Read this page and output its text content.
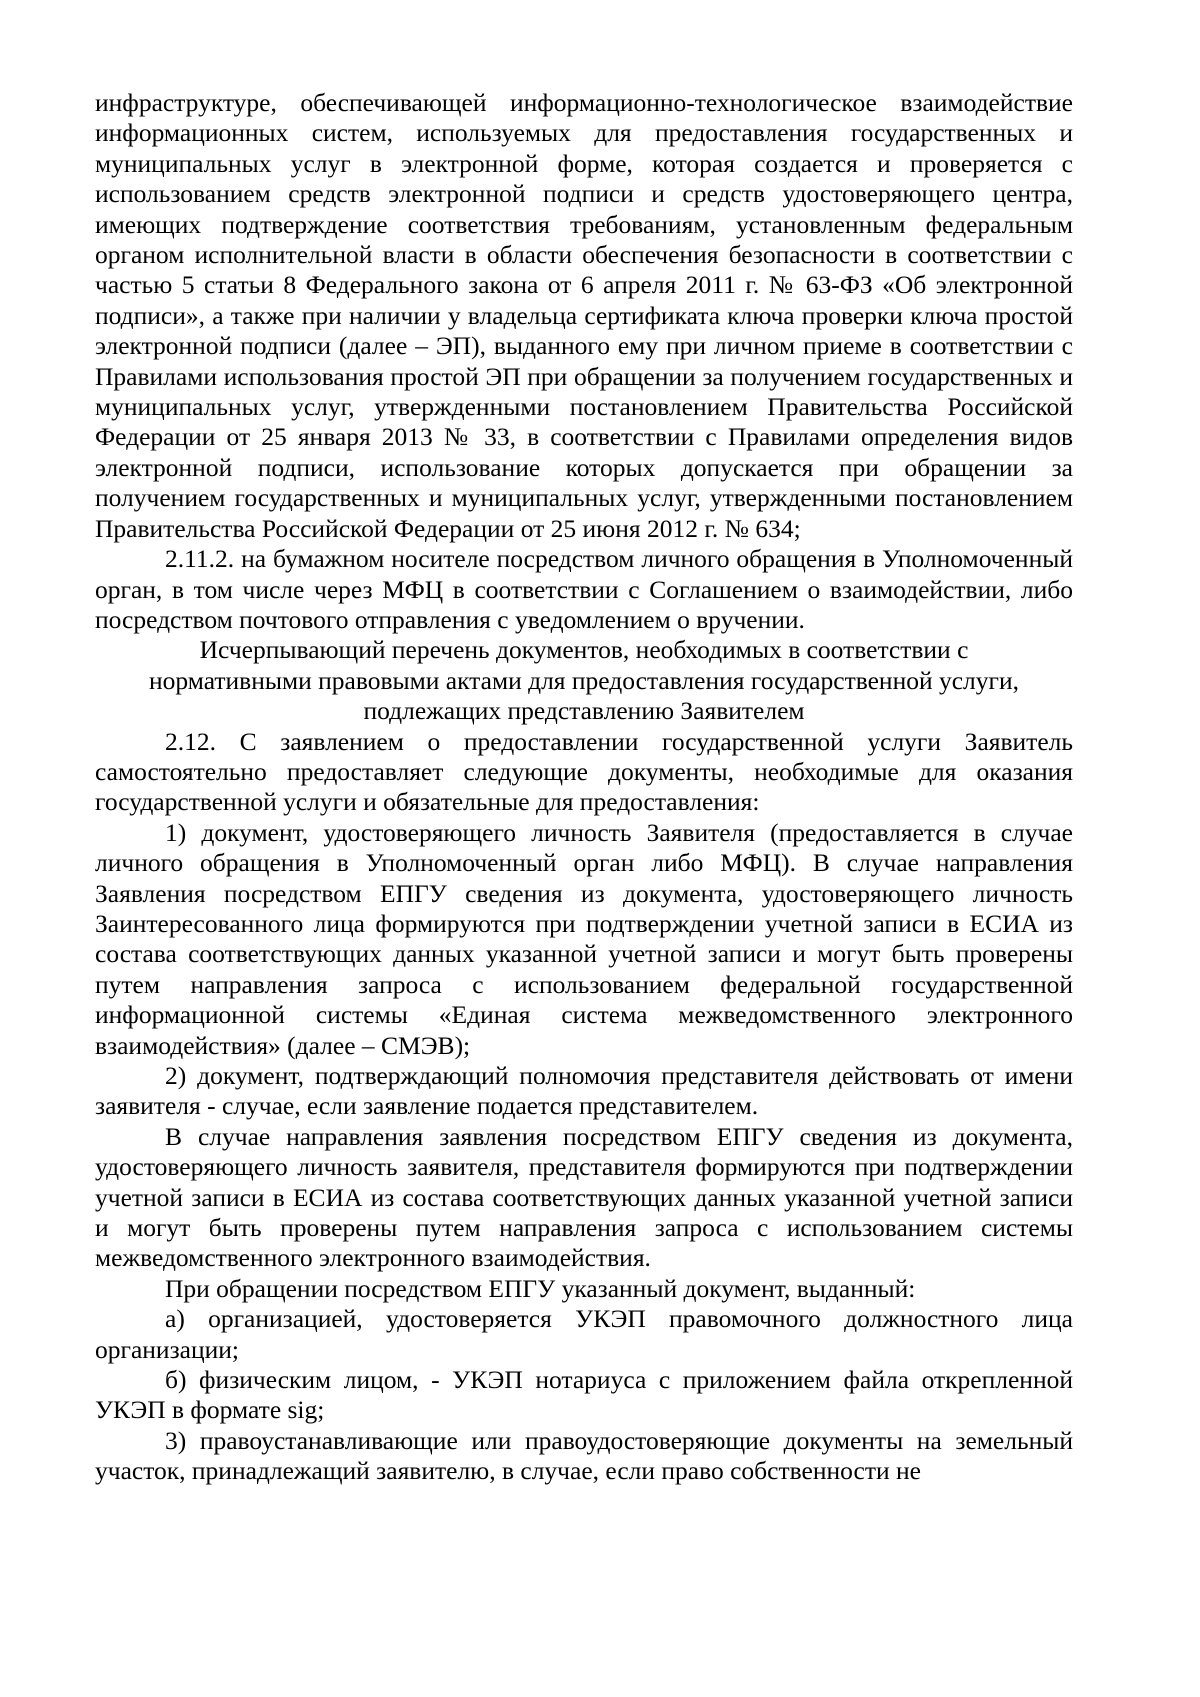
инфраструктуре, обеспечивающей информационно-технологическое взаимодействие информационных систем, используемых для предоставления государственных и муниципальных услуг в электронной форме, которая создается и проверяется с использованием средств электронной подписи и средств удостоверяющего центра, имеющих подтверждение соответствия требованиям, установленным федеральным органом исполнительной власти в области обеспечения безопасности в соответствии с частью 5 статьи 8 Федерального закона от 6 апреля 2011 г. № 63-ФЗ «Об электронной подписи», а также при наличии у владельца сертификата ключа проверки ключа простой электронной подписи (далее – ЭП), выданного ему при личном приеме в соответствии с Правилами использования простой ЭП при обращении за получением государственных и муниципальных услуг, утвержденными постановлением Правительства Российской Федерации от 25 января 2013 № 33, в соответствии с Правилами определения видов электронной подписи, использование которых допускается при обращении за получением государственных и муниципальных услуг, утвержденными постановлением Правительства Российской Федерации от 25 июня 2012 г. № 634;

2.11.2. на бумажном носителе посредством личного обращения в Уполномоченный орган, в том числе через МФЦ в соответствии с Соглашением о взаимодействии, либо посредством почтового отправления с уведомлением о вручении.

Исчерпывающий перечень документов, необходимых в соответствии с

нормативными правовыми актами для предоставления государственной услуги,

подлежащих представлению Заявителем

2.12. С заявлением о предоставлении государственной услуги Заявитель самостоятельно предоставляет следующие документы, необходимые для оказания государственной услуги и обязательные для предоставления:

1) документ, удостоверяющего личность Заявителя (предоставляется в случае личного обращения в Уполномоченный орган либо МФЦ). В случае направления Заявления посредством ЕПГУ сведения из документа, удостоверяющего личность Заинтересованного лица формируются при подтверждении учетной записи в ЕСИА из состава соответствующих данных указанной учетной записи и могут быть проверены путем направления запроса с использованием федеральной государственной информационной системы «Единая система межведомственного электронного взаимодействия» (далее – СМЭВ);

2) документ, подтверждающий полномочия представителя действовать от имени заявителя - случае, если заявление подается представителем.

В случае направления заявления посредством ЕПГУ сведения из документа, удостоверяющего личность заявителя, представителя формируются при подтверждении учетной записи в ЕСИА из состава соответствующих данных указанной учетной записи и могут быть проверены путем направления запроса с использованием системы межведомственного электронного взаимодействия.

При обращении посредством ЕПГУ указанный документ, выданный:

а) организацией, удостоверяется УКЭП правомочного должностного лица организации;

б) физическим лицом, - УКЭП нотариуса с приложением файла открепленной УКЭП в формате sig;

3) правоустанавливающие или правоудостоверяющие документы на земельный участок, принадлежащий заявителю, в случае, если право собственности не
